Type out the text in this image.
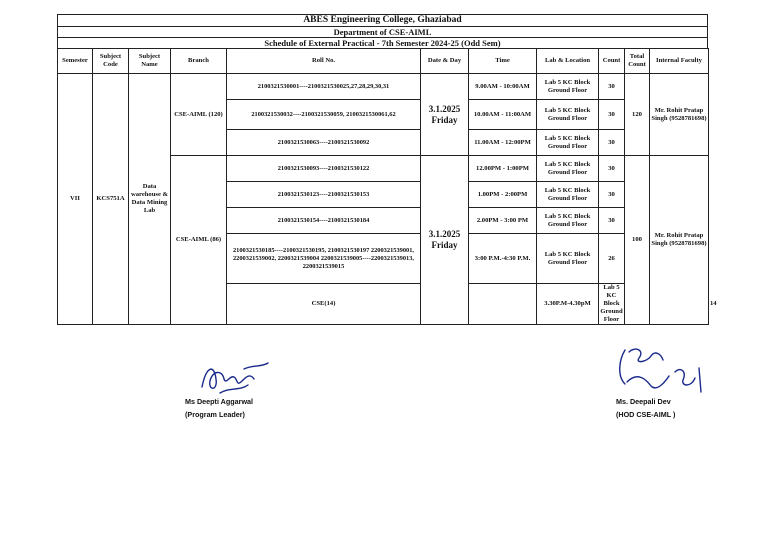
ABES Engineering College, Ghaziabad
Department of CSE-AIML
Schedule of External Practical - 7th Semester 2024-25 (Odd Sem)
Semester	Subject Code	Subject Name	Branch	Roll No.	Date & Day	Time	Lab & Location	Count	Total Count	Internal Faculty	
VII	KCS751A	Data warehouse & Data Mining Lab	CSE-AIML (120)	2100321530001----2100321530025,27,28,29,30,31	3.1.2025 Friday	9.00AM - 10:00AM	Lab 5 KC Block Ground Floor	30	120	Mr. Rohit Pratap Singh (9528781698)	
				2100321530032----2100321530059, 2100321530061,62		10.00AM - 11:00AM	Lab 5 KC Block Ground Floor	30			
				2100321530063----2100321530092		11.00AM - 12:00PM	Lab 5 KC Block Ground Floor	30			
			CSE-AIML (86)	2100321530093----2100321530122	3.1.2025 Friday	12.00PM - 1:00PM	Lab 5 KC Block Ground Floor	30	100	Mr. Rohit Pratap Singh (9528781698)	
				2100321530123----2100321530153		1.00PM - 2:00PM	Lab 5 KC Block Ground Floor	30			
				2100321530154----2100321530184		2.00PM - 3:00 PM	Lab 5 KC Block Ground Floor	30			
				2100321530185----2100321530195, 2100321530197 2200321539001, 2200321539002, 2200321539004 2200321539005----2200321539013, 2200321539015		3:00 P.M.-4:30 P.M.	Lab 5 KC Block Ground Floor	26			
				CSE(14)			3.30P.M-4.30pM	Lab 5 KC Block Ground Floor			14
Ms Deepti Aggarwal
(Program Leader)
Ms. Deepali Dev
(HOD CSE-AIML )
